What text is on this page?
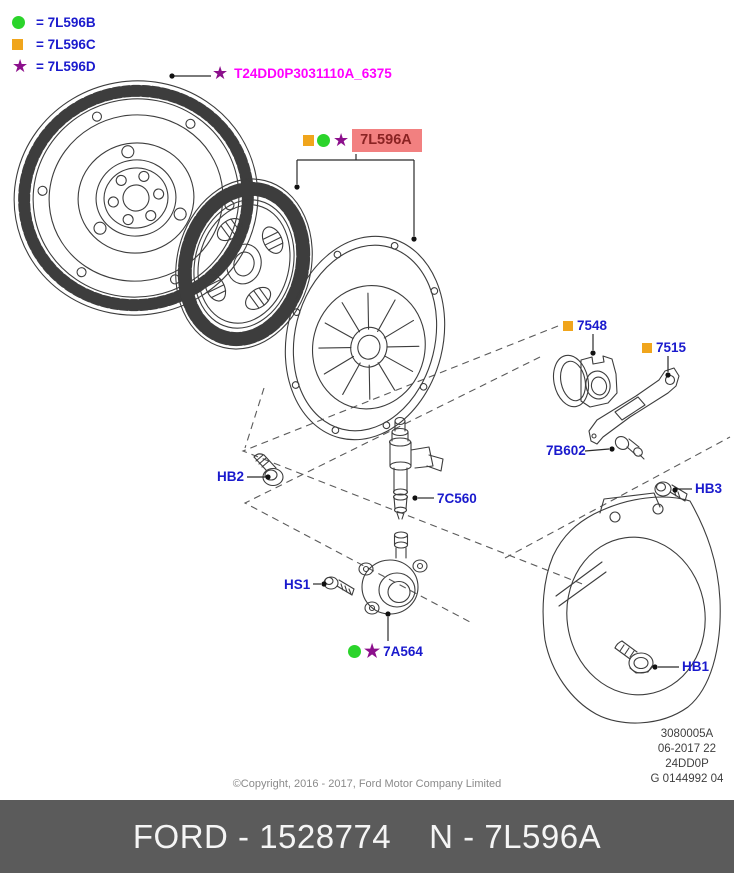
= 7L596B
= 7L596C
★
= 7L596D ★	T24DD0P3031110A_6375
★
7L596A
7548
7515
7B602
HB2
7C560
HS1
★
7A564
HB3
HB1
3080005A
06-2017 22
24DD0P
G 0144992 04
©Copyright, 2016 - 2017, Ford Motor Company Limited
FORD - 1528774 N - 7L596A
